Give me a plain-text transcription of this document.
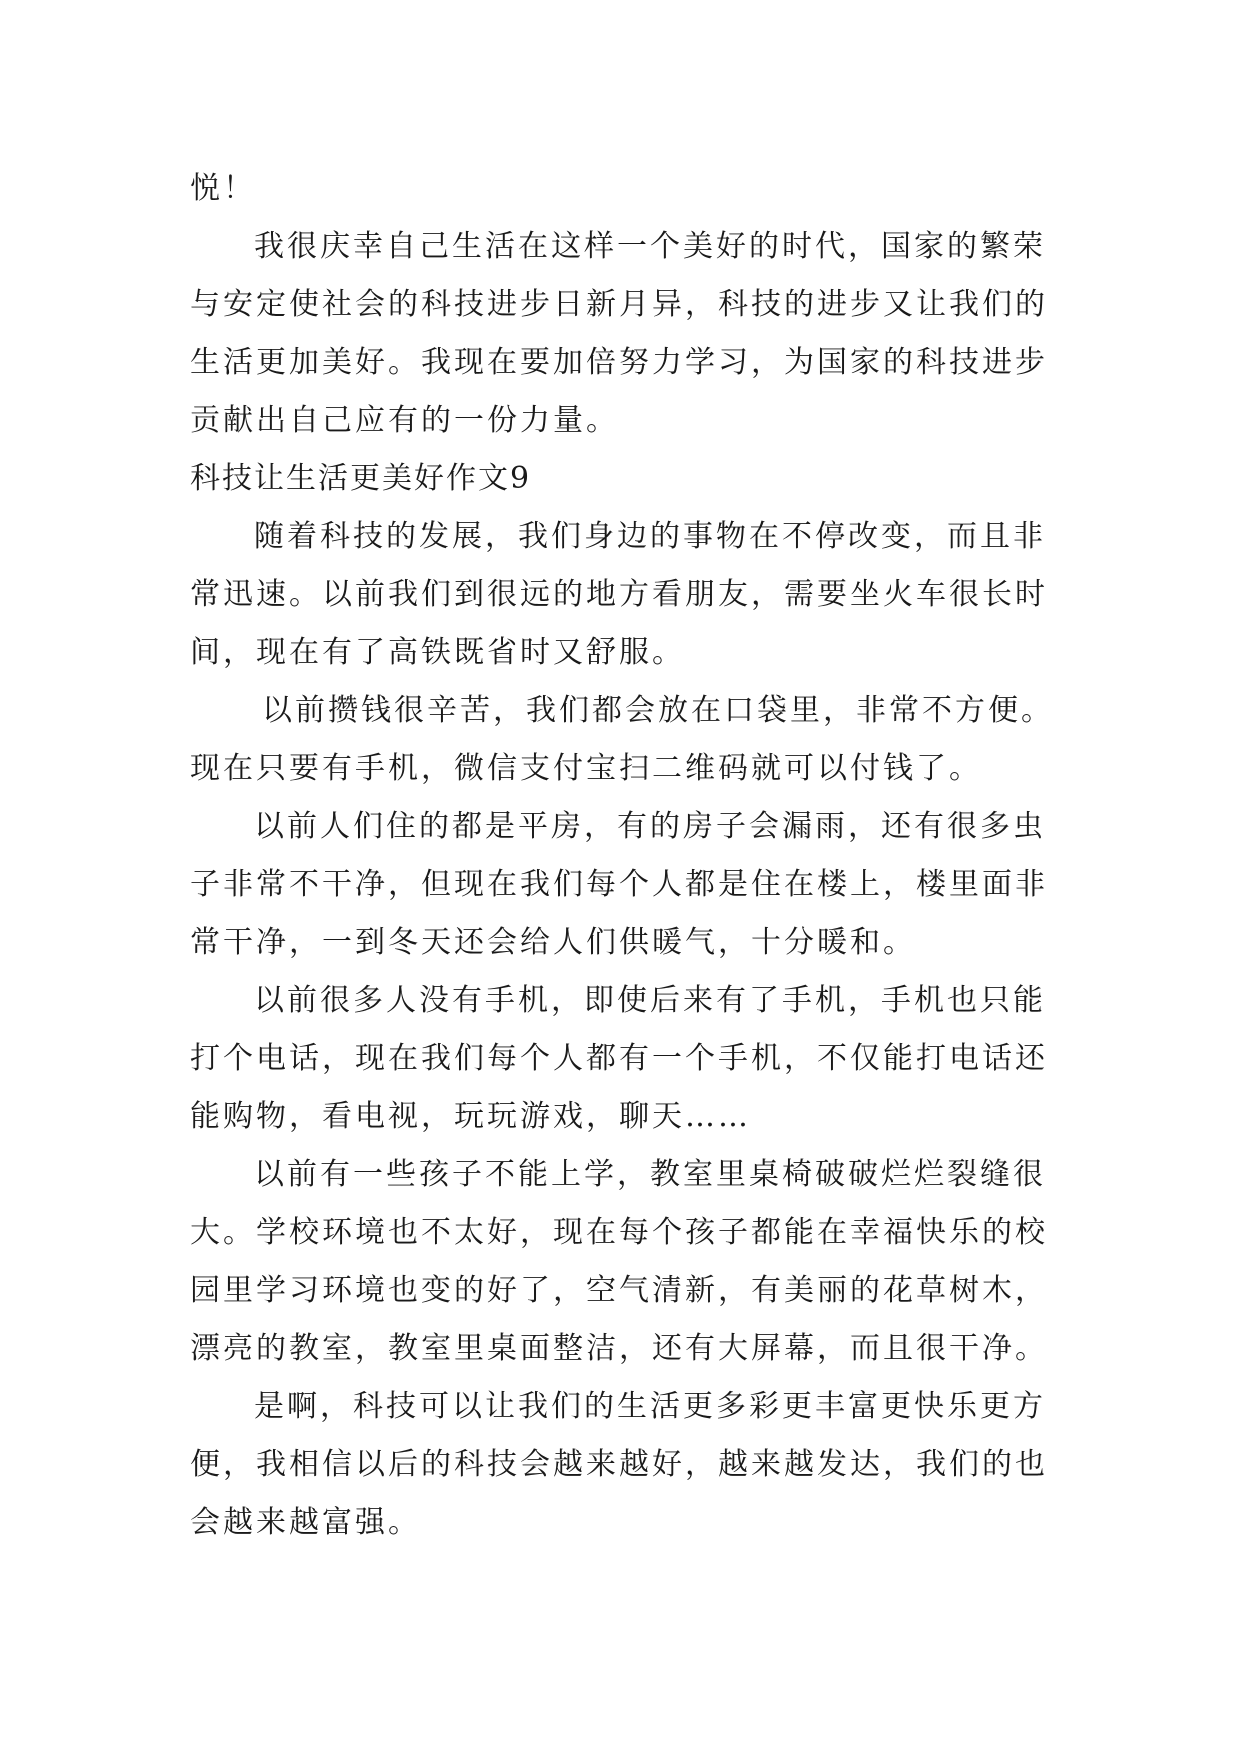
悦！
我很庆幸自己生活在这样一个美好的时代，国家的繁荣
与安定使社会的科技进步日新月异，科技的进步又让我们的
生活更加美好。我现在要加倍努力学习，为国家的科技进步
贡献出自己应有的一份力量。
科技让生活更美好作文9
随着科技的发展，我们身边的事物在不停改变，而且非
常迅速。以前我们到很远的地方看朋友，需要坐火车很长时
间，现在有了高铁既省时又舒服。
以前攒钱很辛苦，我们都会放在口袋里，非常不方便。
现在只要有手机，微信支付宝扫二维码就可以付钱了。
以前人们住的都是平房，有的房子会漏雨，还有很多虫
子非常不干净，但现在我们每个人都是住在楼上，楼里面非
常干净，一到冬天还会给人们供暖气，十分暖和。
以前很多人没有手机，即使后来有了手机，手机也只能
打个电话，现在我们每个人都有一个手机，不仅能打电话还
能购物，看电视，玩玩游戏，聊天……
以前有一些孩子不能上学，教室里桌椅破破烂烂裂缝很
大。学校环境也不太好，现在每个孩子都能在幸福快乐的校
园里学习环境也变的好了，空气清新，有美丽的花草树木，
漂亮的教室，教室里桌面整洁，还有大屏幕，而且很干净。
是啊，科技可以让我们的生活更多彩更丰富更快乐更方
便，我相信以后的科技会越来越好，越来越发达，我们的也
会越来越富强。
